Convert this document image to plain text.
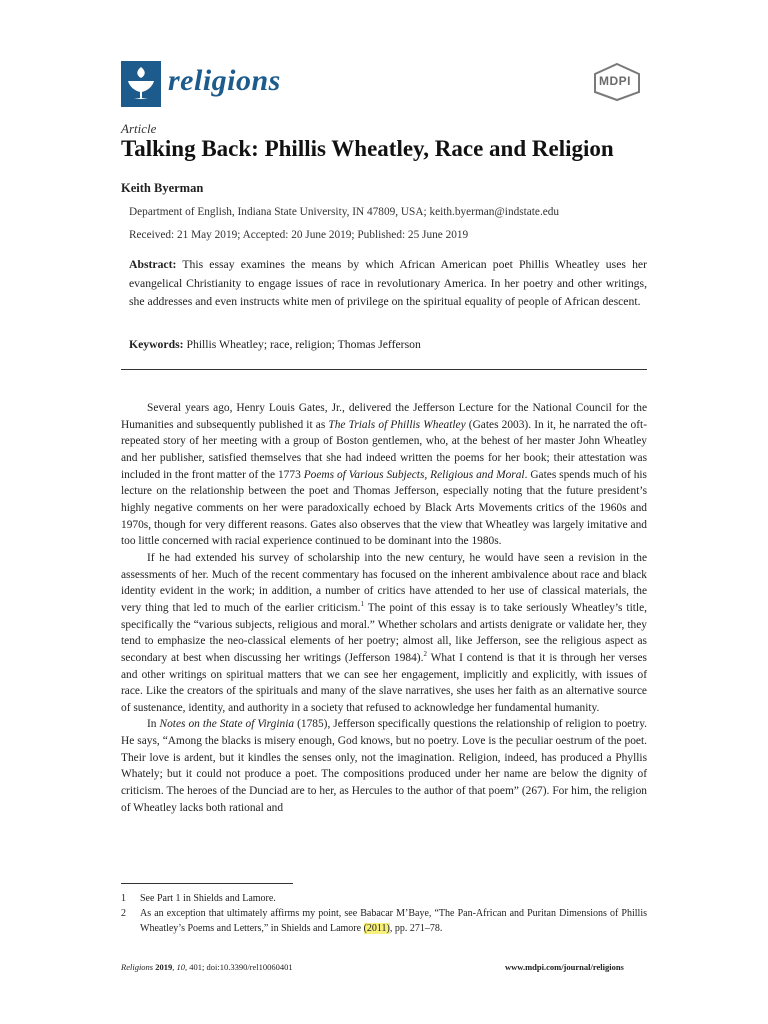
religions	MDPI
Article
Talking Back: Phillis Wheatley, Race and Religion
Keith Byerman
Department of English, Indiana State University, IN 47809, USA; keith.byerman@indstate.edu
Received: 21 May 2019; Accepted: 20 June 2019; Published: 25 June 2019
Abstract: This essay examines the means by which African American poet Phillis Wheatley uses her evangelical Christianity to engage issues of race in revolutionary America. In her poetry and other writings, she addresses and even instructs white men of privilege on the spiritual equality of people of African descent.
Keywords: Phillis Wheatley; race, religion; Thomas Jefferson

Several years ago, Henry Louis Gates, Jr., delivered the Jefferson Lecture for the National Council for the Humanities and subsequently published it as The Trials of Phillis Wheatley (Gates 2003). In it, he narrated the oft-repeated story of her meeting with a group of Boston gentlemen, who, at the behest of her master John Wheatley and her publisher, satisfied themselves that she had indeed written the poems for her book; their attestation was included in the front matter of the 1773 Poems of Various Subjects, Religious and Moral. Gates spends much of his lecture on the relationship between the poet and Thomas Jefferson, especially noting that the future president’s highly negative comments on her were paradoxically echoed by Black Arts Movements critics of the 1960s and 1970s, though for very different reasons. Gates also observes that the view that Wheatley was largely imitative and too little concerned with racial experience continued to be dominant into the 1980s.

If he had extended his survey of scholarship into the new century, he would have seen a revision in the assessments of her. Much of the recent commentary has focused on the inherent ambivalence about race and black identity evident in the work; in addition, a number of critics have attended to her use of classical materials, the very thing that led to much of the earlier criticism.$^1$ The point of this essay is to take seriously Wheatley’s title, specifically the “various subjects, religious and moral.” Whether scholars and artists denigrate or validate her, they tend to emphasize the neo-classical elements of her poetry; almost all, like Jefferson, see the religious aspect as secondary at best when discussing her writings (Jefferson 1984).$^2$ What I contend is that it is through her verses and other writings on spiritual matters that we can see her engagement, implicitly and explicitly, with issues of race. Like the creators of the spirituals and many of the slave narratives, she uses her faith as an alternative source of sustenance, identity, and authority in a society that refused to acknowledge her fundamental humanity.

In Notes on the State of Virginia (1785), Jefferson specifically questions the relationship of religion to poetry. He says, “Among the blacks is misery enough, God knows, but no poetry. Love is the peculiar oestrum of the poet. Their love is ardent, but it kindles the senses only, not the imagination. Religion, indeed, has produced a Phyllis Whately; but it could not produce a poet. The compositions produced under her name are below the dignity of criticism. The heroes of the Dunciad are to her, as Hercules to the author of that poem” (267). For him, the religion of Wheatley lacks both rational and

1 See Part 1 in Shields and Lamore.
2 As an exception that ultimately affirms my point, see Babacar M’Baye, “The Pan-African and Puritan Dimensions of Phillis Wheatley’s Poems and Letters,” in Shields and Lamore (2011), pp. 271–78.
Religions 2019, 10, 401; doi:10.3390/rel10060401	www.mdpi.com/journal/religions
